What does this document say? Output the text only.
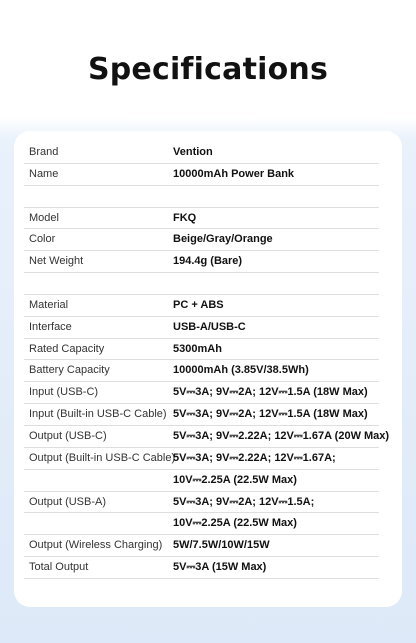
Specifications
Brand	Vention
Name	10000mAh Power Bank
Model	FKQ
Color	Beige/Gray/Orange
Net Weight	194.4g (Bare)
Material	PC + ABS
Interface	USB-A/USB-C
Rated Capacity	5300mAh
Battery Capacity	10000mAh (3.85V/38.5Wh)
Input (USB-C)	5V⎓3A; 9V⎓2A; 12V⎓1.5A (18W Max)
Input (Built-in USB-C Cable) 5V⎓3A; 9V⎓2A; 12V⎓1.5A (18W Max)
Output (USB-C)	5V⎓3A; 9V⎓2.22A; 12V⎓1.67A (20W Max)
Output (Built-in USB-C Cable)
5V⎓3A; 9V⎓2.22A; 12V⎓1.67A;
10V⎓2.25A (22.5W Max)
Output (USB-A)	5V⎓3A; 9V⎓2A; 12V⎓1.5A;
10V⎓2.25A (22.5W Max)
Output (Wireless Charging) 5W/7.5W/10W/15W
Total Output	5V⎓3A (15W Max)
